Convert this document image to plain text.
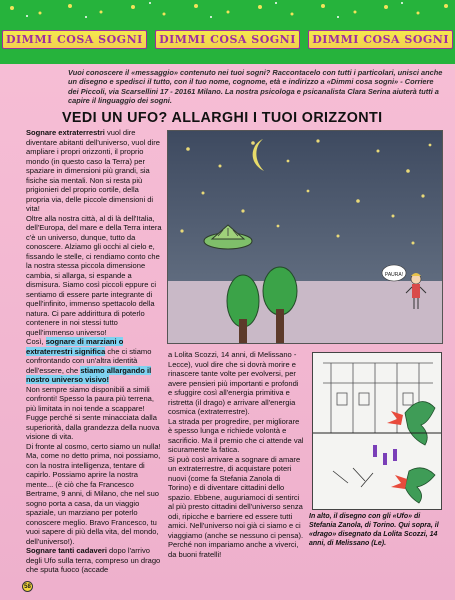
DIMMI COSA SOGNI	DIMMI COSA SOGNI	DIMMI COSA SOGNI
Vuoi conoscere il «messaggio» contenuto nei tuoi sogni? Raccontacelo con tutti i particolari, unisci anche un disegno e spedisci il tutto, con il tuo nome, cognome, età e indirizzo a «Dimmi cosa sogni» - Corriere dei Piccoli, via Scarsellini 17 - 20161 Milano. La nostra psicologa e psicanalista Clara Serina aiuterà tutti a capire il linguaggio dei sogni.
VEDI UN UFO? ALLARGHI I TUOI ORIZZONTI

Sognare extraterrestri vuol dire diventare abitanti dell'universo, vuol dire ampliare i propri orizzonti, il proprio mondo (in questo caso la Terra) per spaziare in dimensioni più grandi, sia fisiche sia mentali. Non si resta più prigionieri del proprio cortile, della propria via, delle piccole dimensioni di vita!

Oltre alla nostra città, al di là dell'Italia, dell'Europa, del mare e della Terra intera c'è un universo, dunque, tutto da conoscere. Alziamo gli occhi al cielo e, fissando le stelle, ci rendiamo conto che la nostra stessa piccola dimensione cambia, si allarga, si espande a dismisura. Siamo così piccoli eppure ci sentiamo di essere parte integrante di quell'infinito, immenso spettacolo della natura. Ci pare addirittura di poterlo contenere in noi stessi tutto quell'immenso universo!

Così, sognare di marziani o extraterrestri significa che ci stiamo confrontando con un'altra identità dell'essere, che stiamo allargando il nostro universo visivo!

Non sempre siamo disponibili a simili confronti! Spesso la paura più terrena, più limitata in noi tende a scappare! Fugge perché si sente minacciata dalla superiorità, dalla grandezza della nuova visione di vita.

Di fronte al cosmo, certo siamo un nulla! Ma, come no detto prima, noi possiamo, con la nostra intelligenza, tentare di capirlo. Possiamo aprire la nostra mente... (è ciò che fa Francesco Bertrame, 9 anni, di Milano, che nel suo sogno porta a casa, da un viaggio spaziale, un marziano per poterlo conoscere meglio. Bravo Francesco, tu vuoi sapere di più della vita, del mondo, dell'universo!).

Sognare tanti cadaveri dopo l'arrivo degli Ufo sulla terra, compreso un drago che sputa fuoco (accade

PAURA!

a Lolita Scozzi, 14 anni, di Melissano - Lecce), vuol dire che si dovrà morire e rinascere tante volte per evolversi, per avere pensieri più importanti e profondi e sfuggire così all'energia primitiva e ristretta (il drago) e arrivare all'energia cosmica (extraterrestre).

La strada per progredire, per migliorare è spesso lunga e richiede volontà e sacrificio. Ma il premio che ci attende val sicuramente la fatica.

Si può così arrivare a sognare di amare un extraterrestre, di acquistare poteri nuovi (come fa Stefania Zanola di Torino) e di diventare cittadini dello spazio. Ebbene, auguriamoci di sentirci al più presto cittadini dell'universo senza odi, ripicche e barriere ed essere tutti amici. Nell'universo noi già ci siamo e ci viaggiamo (anche se nessuno ci pensa). Perché non impariamo anche a viverci, da buoni fratelli!

In alto, il disegno con gli «Ufo» di Stefania Zanola, di Torino. Qui sopra, il «drago» disegnato da Lolita Scozzi, 14 anni, di Melissano (Le).
58
